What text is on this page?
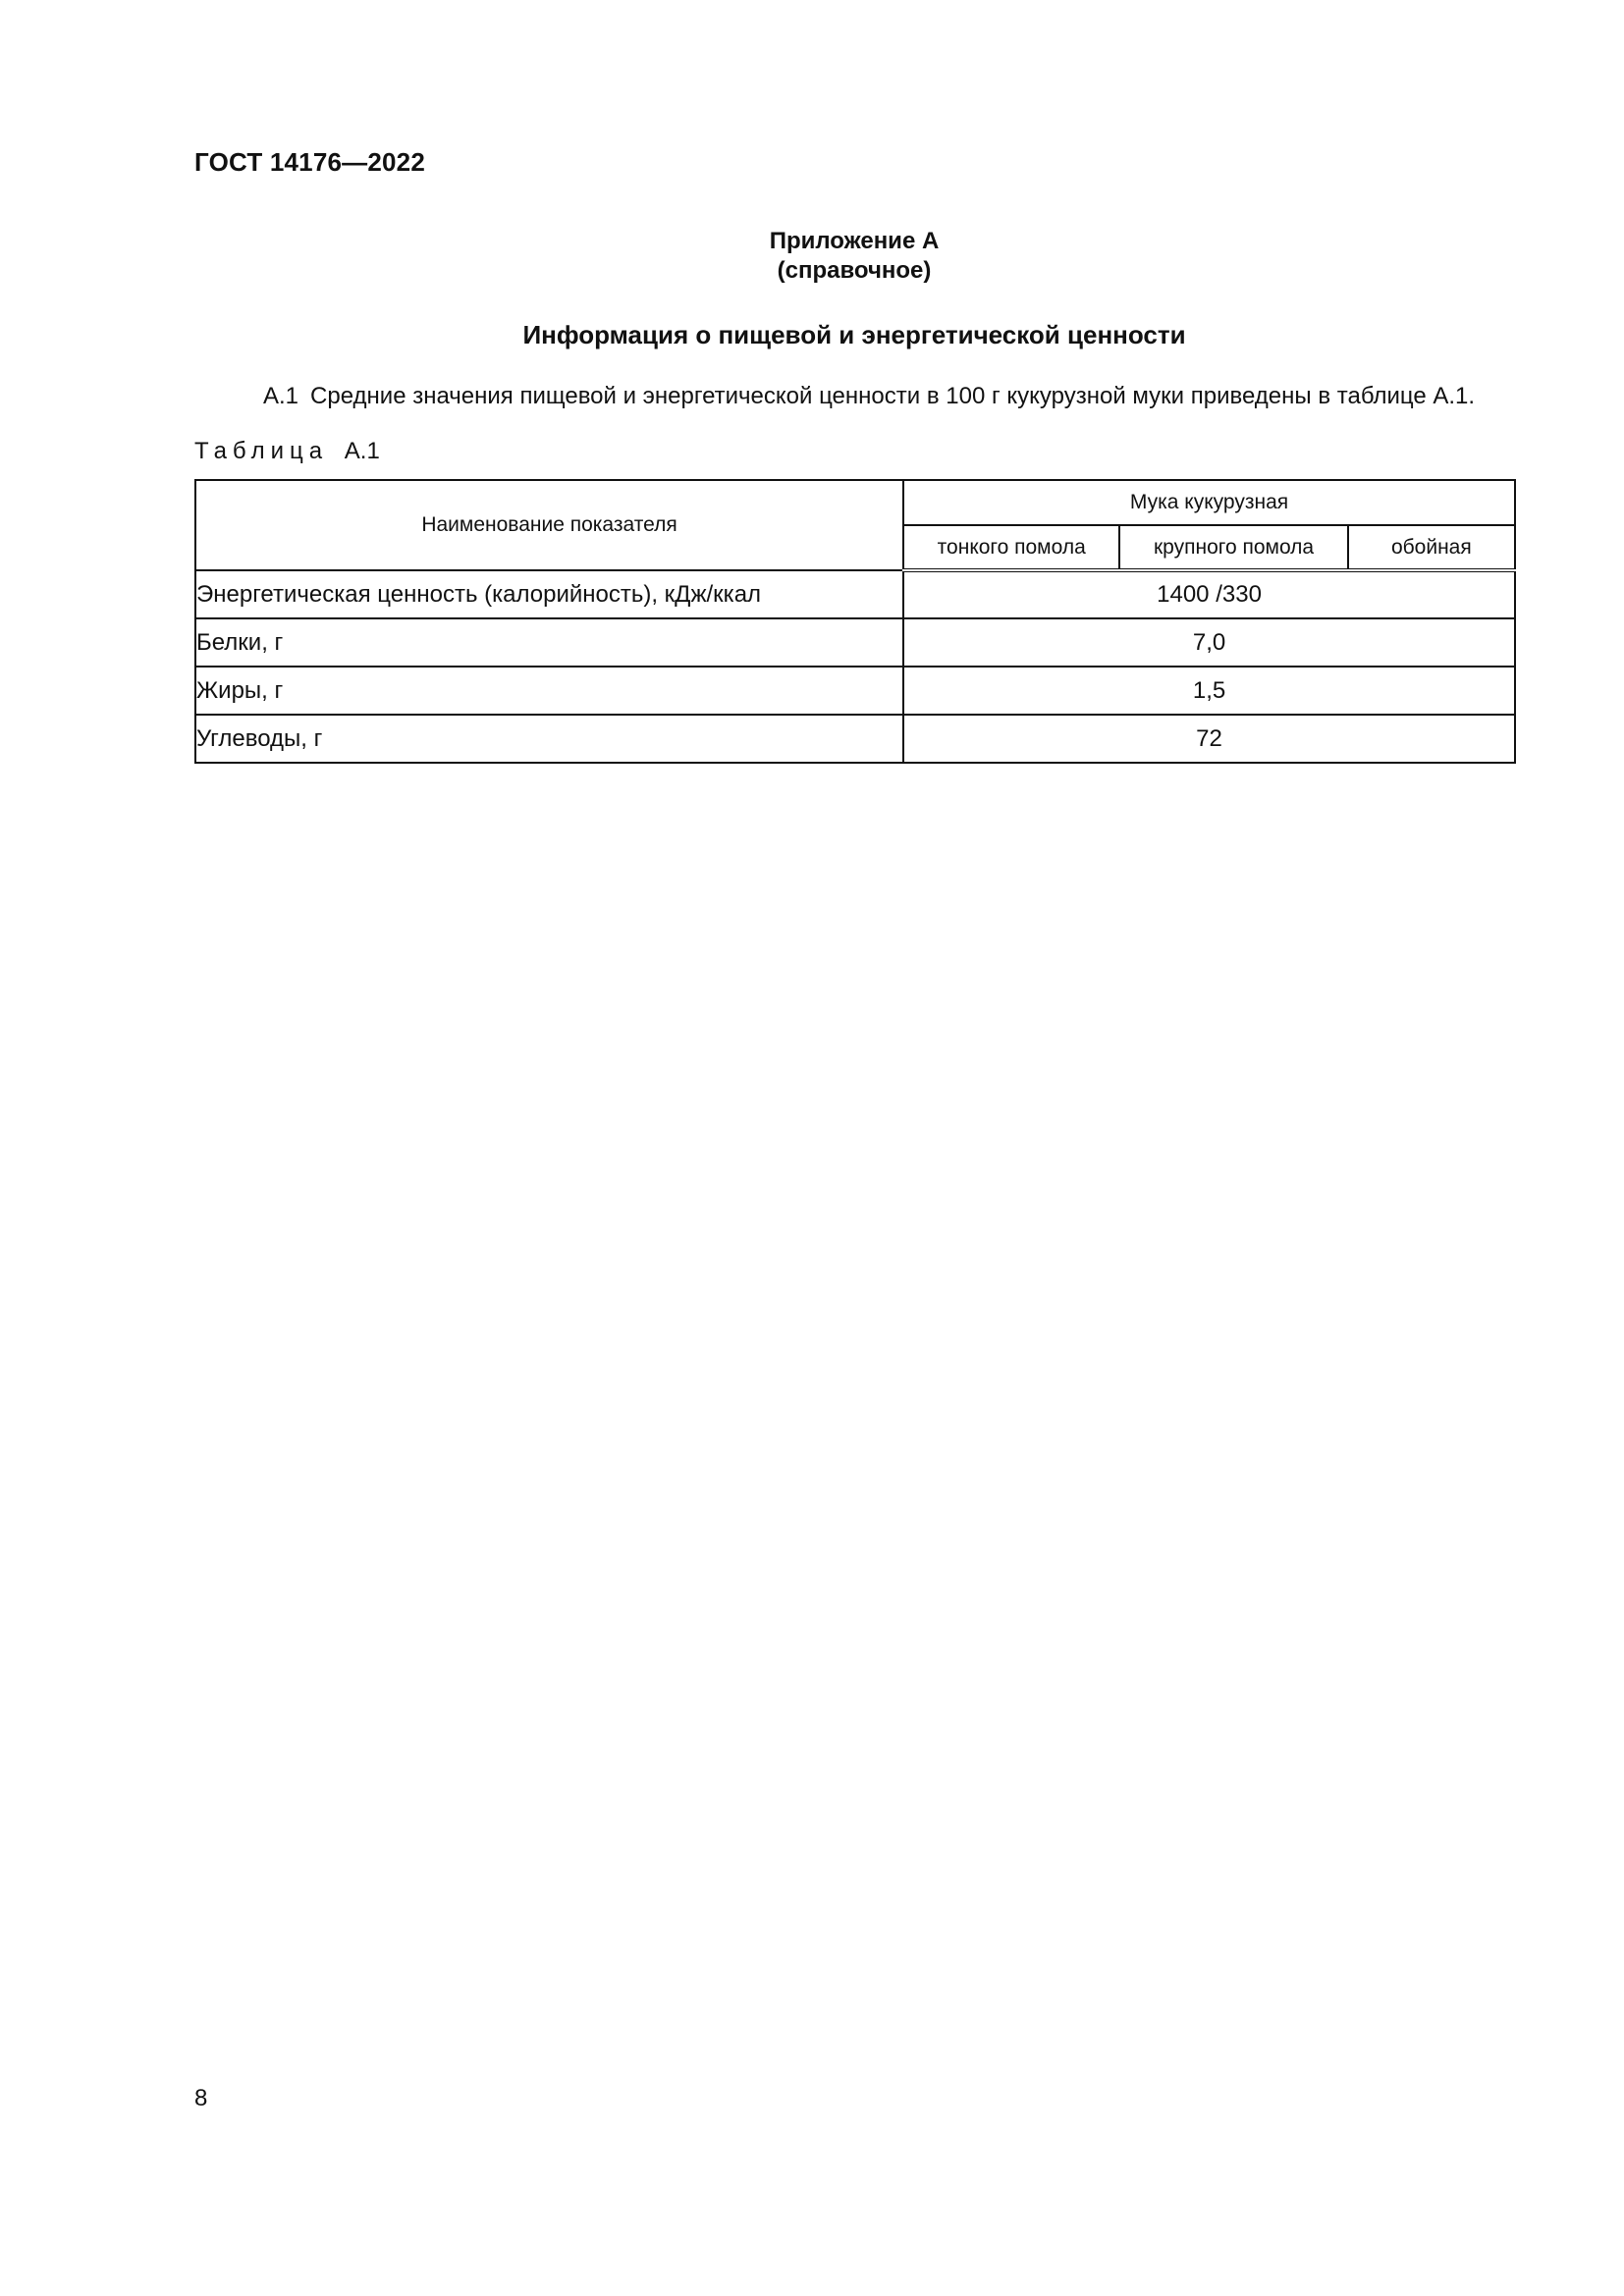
ГОСТ 14176—2022
Приложение А
(справочное)
Информация о пищевой и энергетической ценности
А.1 Средние значения пищевой и энергетической ценности в 100 г кукурузной муки приведены в таблице А.1.
Таблица А.1
Наименование показателя	Мука кукурузная		
	тонкого помола	крупного помола	обойная
Энергетическая ценность (калорийность), кДж/ккал	1400 /330		
Белки, г	7,0		
Жиры, г	1,5		
Углеводы, г	72		
8
